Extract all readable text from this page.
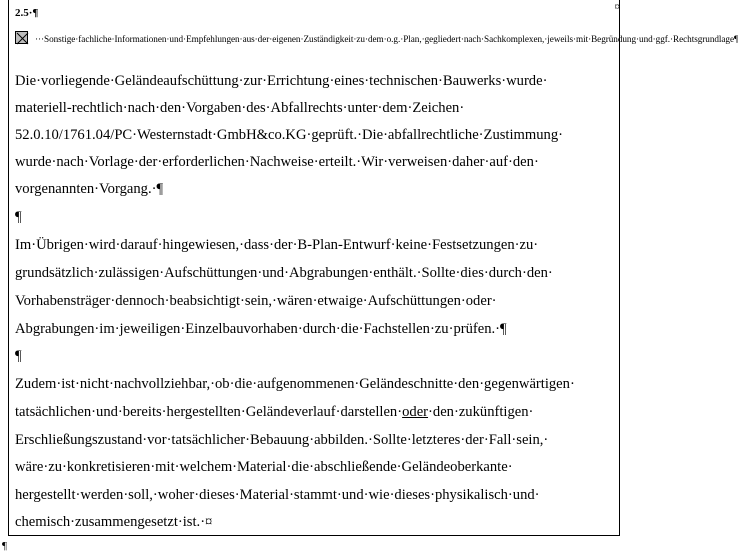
¤
2.5·¶
···Sonstige·fachliche·Informationen·und·Empfehlungen·aus·der·eigenen·Zuständigkeit·zu·dem·o.g.·Plan,·gegliedert·nach·Sachkomplexen,·jeweils·mit·Begründung·und·ggf.·Rechtsgrundlage¶
Die·vorliegende·Geländeaufschüttung·zur·Errichtung·eines·technischen·Bauwerks·wurde·
materiell-rechtlich·nach·den·Vorgaben·des·Abfallrechts·unter·dem·Zeichen·
52.0.10/1761.04/PC·Westernstadt·GmbH&co.KG·geprüft.·Die·abfallrechtliche·Zustimmung·
wurde·nach·Vorlage·der·erforderlichen·Nachweise·erteilt.·Wir·verweisen·daher·auf·den·
vorgenannten·Vorgang.·¶
¶
Im·Übrigen·wird·darauf·hingewiesen,·dass·der·B-Plan-Entwurf·keine·Festsetzungen·zu·
grundsätzlich·zulässigen·Aufschüttungen·und·Abgrabungen·enthält.·Sollte·dies·durch·den·
Vorhabensträger·dennoch·beabsichtigt·sein,·wären·etwaige·Aufschüttungen·oder·
Abgrabungen·im·jeweiligen·Einzelbauvorhaben·durch·die·Fachstellen·zu·prüfen.·¶
¶
Zudem·ist·nicht·nachvollziehbar,·ob·die·aufgenommenen·Geländeschnitte·den·gegenwärtigen·
tatsächlichen·und·bereits·hergestellten·Geländeverlauf·darstellen·oder·den·zukünftigen·
Erschließungszustand·vor·tatsächlicher·Bebauung·abbilden.·Sollte·letzteres·der·Fall·sein,·
wäre·zu·konkretisieren·mit·welchem·Material·die·abschließende·Geländeoberkante·
hergestellt·werden·soll,·woher·dieses·Material·stammt·und·wie·dieses·physikalisch·und·
chemisch·zusammengesetzt·ist.·¤
¶
